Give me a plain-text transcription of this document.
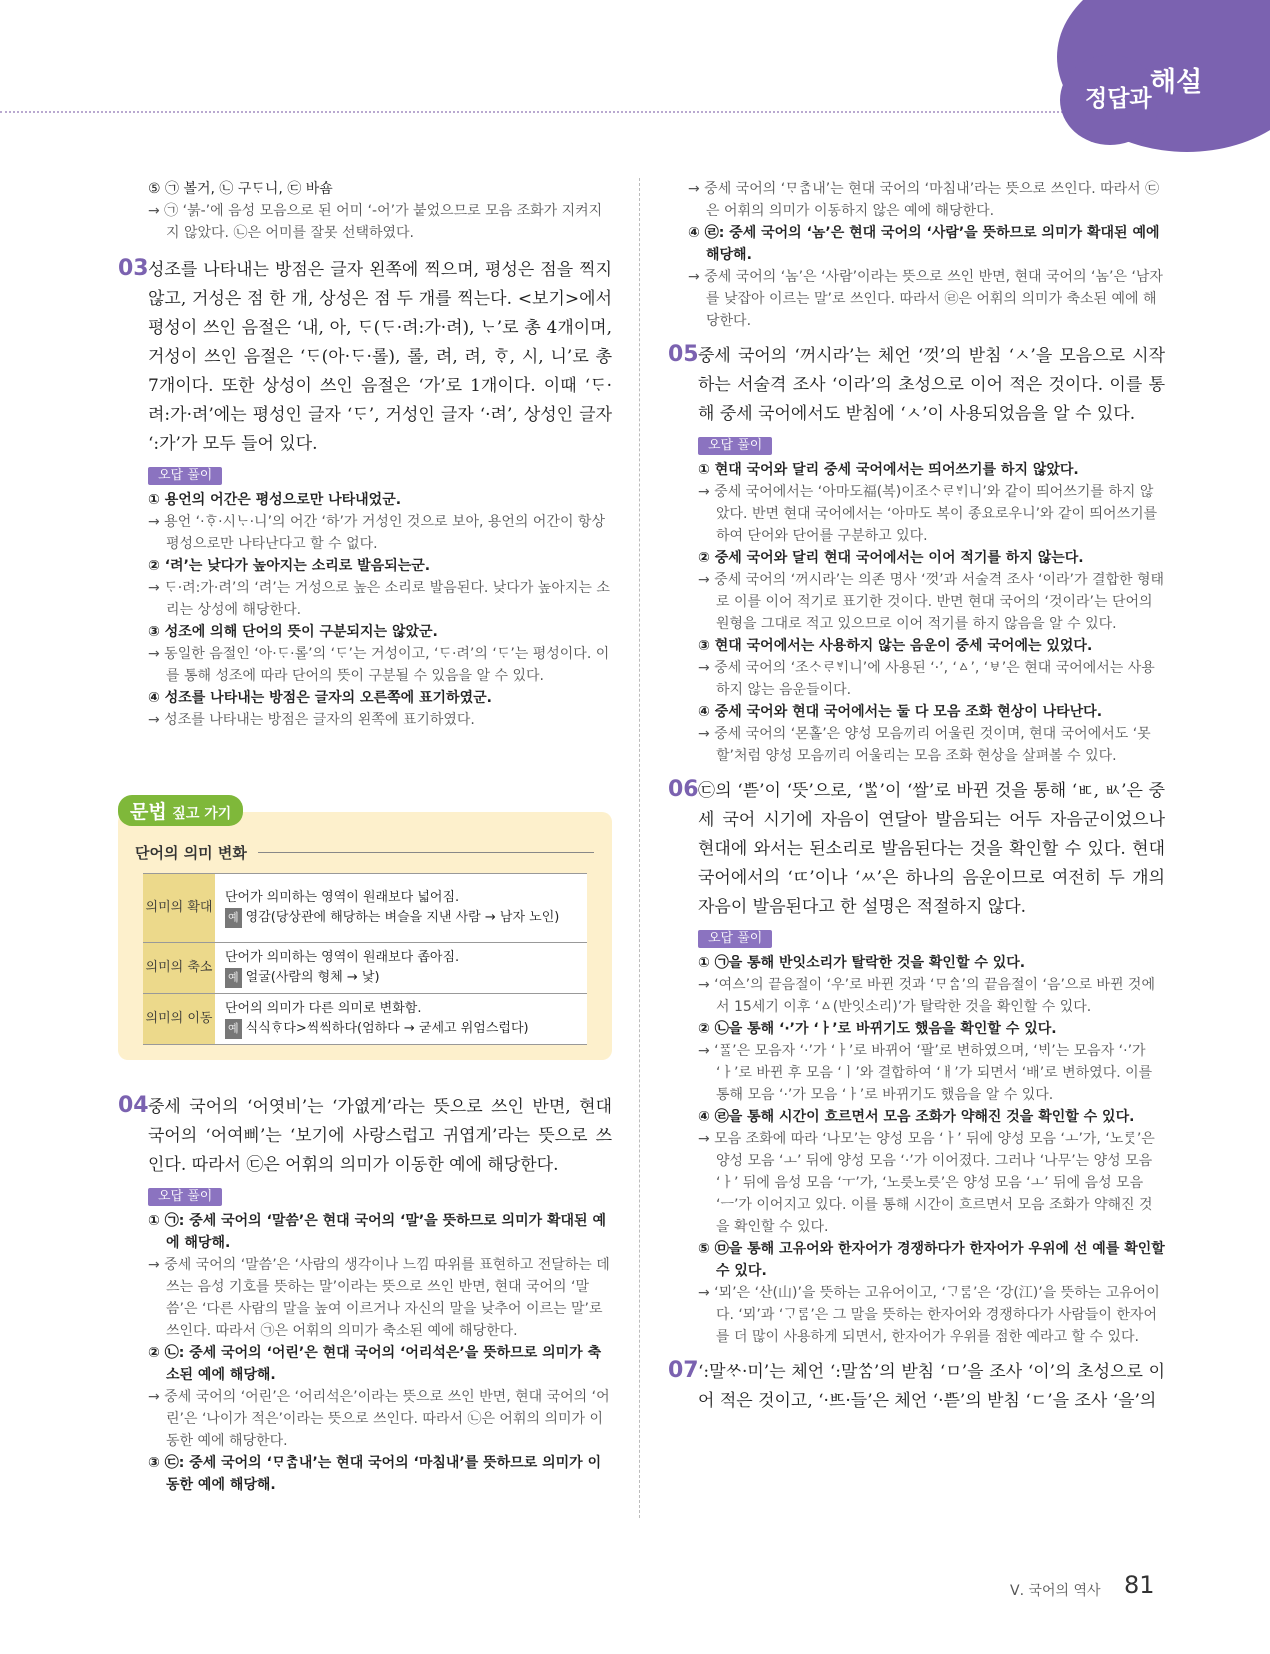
정답과
해설
⑤ ㉠ 볼거, ㉡ 구ᄃᆞ니, ㉢ 바숌
→ ㉠ ‘붉-’에 음성 모음으로 된 어미 ‘-어’가 붙었으므로 모음 조화가 지켜지지 않았다. ㉡은 어미를 잘못 선택하였다.
03 성조를 나타내는 방점은 글자 왼쪽에 찍으며, 평성은 점을 찍지 않고, 거성은 점 한 개, 상성은 점 두 개를 찍는다. <보기>에서 평성이 쓰인 음절은 ‘내, 아, ᄃᆞ(ᄃᆞ·려:가·려), ᄂᆞ’로 총 4개이며, 거성이 쓰인 음절은 ‘ᄃᆞ(아·ᄃᆞ·롤), 롤, 려, 려, ᄒᆞ, 시, 니’로 총 7개이다. 또한 상성이 쓰인 음절은 ‘가’로 1개이다. 이때 ‘ᄃᆞ·려:가·려’에는 평성인 글자 ‘ᄃᆞ’, 거성인 글자 ‘·려’, 상성인 글자 ‘:가’가 모두 들어 있다.
오답 풀이
① 용언의 어간은 평성으로만 나타내었군.
→ 용언 ‘·ᄒᆞ·시ᄂᆞ·니’의 어간 ‘하’가 거성인 것으로 보아, 용언의 어간이 항상 평성으로만 나타난다고 할 수 없다.
② ‘려’는 낮다가 높아지는 소리로 발음되는군.
→ ᄃᆞ·려:가·려’의 ‘려’는 거성으로 높은 소리로 발음된다. 낮다가 높아지는 소리는 상성에 해당한다.
③ 성조에 의해 단어의 뜻이 구분되지는 않았군.
→ 동일한 음절인 ‘아·ᄃᆞ·롤’의 ‘ᄃᆞ’는 거성이고, ‘ᄃᆞ·려’의 ‘ᄃᆞ’는 평성이다. 이를 통해 성조에 따라 단어의 뜻이 구분될 수 있음을 알 수 있다.
④ 성조를 나타내는 방점은 글자의 오른쪽에 표기하였군.
→ 성조를 나타내는 방점은 글자의 왼쪽에 표기하였다.
문법 짚고 가기
단어의 의미 변화
의미의 확대	단어가 의미하는 영역이 원래보다 넓어짐.
예 영감(당상관에 해당하는 벼슬을 지낸 사람 → 남자 노인)

의미의 축소	단어가 의미하는 영역이 원래보다 좁아짐.
예 얼굴(사람의 형체 → 낯)

의미의 이동	단어의 의미가 다른 의미로 변화함.
예 식식ᄒᆞ다>씩씩하다(엄하다 → 굳세고 위엄스럽다)
04 중세 국어의 ‘어엿비’는 ‘가엾게’라는 뜻으로 쓰인 반면, 현대 국어의 ‘어여삐’는 ‘보기에 사랑스럽고 귀엽게’라는 뜻으로 쓰인다. 따라서 ㉢은 어휘의 의미가 이동한 예에 해당한다.
오답 풀이
① ㉠: 중세 국어의 ‘말씀’은 현대 국어의 ‘말’을 뜻하므로 의미가 확대된 예에 해당해.
→ 중세 국어의 ‘말씀’은 ‘사람의 생각이나 느낌 따위를 표현하고 전달하는 데 쓰는 음성 기호를 뜻하는 말’이라는 뜻으로 쓰인 반면, 현대 국어의 ‘말씀’은 ‘다른 사람의 말을 높여 이르거나 자신의 말을 낮추어 이르는 말’로 쓰인다. 따라서 ㉠은 어휘의 의미가 축소된 예에 해당한다.
② ㉡: 중세 국어의 ‘어린’은 현대 국어의 ‘어리석은’을 뜻하므로 의미가 축소된 예에 해당해.
→ 중세 국어의 ‘어린’은 ‘어리석은’이라는 뜻으로 쓰인 반면, 현대 국어의 ‘어린’은 ‘나이가 적은’이라는 뜻으로 쓰인다. 따라서 ㉡은 어휘의 의미가 이동한 예에 해당한다.
③ ㉢: 중세 국어의 ‘ᄆᆞᄎᆞᆷ내’는 현대 국어의 ‘마침내’를 뜻하므로 의미가 이동한 예에 해당해.
→ 중세 국어의 ‘ᄆᆞᄎᆞᆷ내’는 현대 국어의 ‘마침내’라는 뜻으로 쓰인다. 따라서 ㉢은 어휘의 의미가 이동하지 않은 예에 해당한다.
④ ㉣: 중세 국어의 ‘놈’은 현대 국어의 ‘사람’을 뜻하므로 의미가 확대된 예에 해당해.
→ 중세 국어의 ‘놈’은 ‘사람’이라는 뜻으로 쓰인 반면, 현대 국어의 ‘놈’은 ‘남자를 낮잡아 이르는 말’로 쓰인다. 따라서 ㉣은 어휘의 의미가 축소된 예에 해당한다.
05 중세 국어의 ‘꺼시라’는 체언 ‘껏’의 받침 ‘ㅅ’을 모음으로 시작하는 서술격 조사 ‘이라’의 초성으로 이어 적은 것이다. 이를 통해 중세 국어에서도 받침에 ‘ㅅ’이 사용되었음을 알 수 있다.
오답 풀이
① 현대 국어와 달리 중세 국어에서는 띄어쓰기를 하지 않았다.
→ 중세 국어에서는 ‘아마도福(복)이조ᄉᆞᄅᆞᄫᆡ니’와 같이 띄어쓰기를 하지 않았다. 반면 현대 국어에서는 ‘아마도 복이 종요로우니’와 같이 띄어쓰기를 하여 단어와 단어를 구분하고 있다.
② 중세 국어와 달리 현대 국어에서는 이어 적기를 하지 않는다.
→ 중세 국어의 ‘꺼시라’는 의존 명사 ‘껏’과 서술격 조사 ‘이라’가 결합한 형태로 이를 이어 적기로 표기한 것이다. 반면 현대 국어의 ‘것이라’는 단어의 원형을 그대로 적고 있으므로 이어 적기를 하지 않음을 알 수 있다.
③ 현대 국어에서는 사용하지 않는 음운이 중세 국어에는 있었다.
→ 중세 국어의 ‘조ᄉᆞᄅᆞᄫᆡ니’에 사용된 ‘·’, ‘ㅿ’, ‘ㅸ’은 현대 국어에서는 사용하지 않는 음운들이다.
④ 중세 국어와 현대 국어에서는 둘 다 모음 조화 현상이 나타난다.
→ 중세 국어의 ‘몬홀’은 양성 모음끼리 어울린 것이며, 현대 국어에서도 ‘못할’처럼 양성 모음끼리 어울리는 모음 조화 현상을 살펴볼 수 있다.
06 ㉢의 ‘ᄠᅳᆮ’이 ‘뜻’으로, ‘ᄡᆞᆯ’이 ‘쌀’로 바뀐 것을 통해 ‘ㅳ, ㅄ’은 중세 국어 시기에 자음이 연달아 발음되는 어두 자음군이었으나 현대에 와서는 된소리로 발음된다는 것을 확인할 수 있다. 현대 국어에서의 ‘ㄸ’이나 ‘ㅆ’은 하나의 음운이므로 여전히 두 개의 자음이 발음된다고 한 설명은 적절하지 않다.
오답 풀이
① ㉠을 통해 반잇소리가 탈락한 것을 확인할 수 있다.
→ ‘여ᅀᅳ’의 끝음절이 ‘우’로 바뀐 것과 ‘ᄆᆞᅀᆞᆷ’의 끝음절이 ‘음’으로 바뀐 것에서 15세기 이후 ‘ㅿ(반잇소리)’가 탈락한 것을 확인할 수 있다.
② ㉡을 통해 ‘·’가 ‘ㅏ’로 바뀌기도 했음을 확인할 수 있다.
→ ‘ᄑᆞᆯ’은 모음자 ‘·’가 ‘ㅏ’로 바뀌어 ‘팔’로 변하였으며, ‘ᄇᆡ’는 모음자 ‘·’가 ‘ㅏ’로 바뀐 후 모음 ‘ㅣ’와 결합하여 ‘ㅐ’가 되면서 ‘배’로 변하였다. 이를 통해 모음 ‘·’가 모음 ‘ㅏ’로 바뀌기도 했음을 알 수 있다.
④ ㉣을 통해 시간이 흐르면서 모음 조화가 약해진 것을 확인할 수 있다.
→ 모음 조화에 따라 ‘나모’는 양성 모음 ‘ㅏ’ 뒤에 양성 모음 ‘ㅗ’가, ‘노ᄅᆞᆺ’은 양성 모음 ‘ㅗ’ 뒤에 양성 모음 ‘·’가 이어졌다. 그러나 ‘나무’는 양성 모음 ‘ㅏ’ 뒤에 음성 모음 ‘ㅜ’가, ‘노릇노릇’은 양성 모음 ‘ㅗ’ 뒤에 음성 모음 ‘ㅡ’가 이어지고 있다. 이를 통해 시간이 흐르면서 모음 조화가 약해진 것을 확인할 수 있다.
⑤ ㉤을 통해 고유어와 한자어가 경쟁하다가 한자어가 우위에 선 예를 확인할 수 있다.
→ ‘뫼’은 ‘산(山)’을 뜻하는 고유어이고, ‘ᄀᆞᄅᆞᆷ’은 ‘강(江)’을 뜻하는 고유어이다. ‘뫼’과 ‘ᄀᆞᄅᆞᆷ’은 그 말을 뜻하는 한자어와 경쟁하다가 사람들이 한자어를 더 많이 사용하게 되면서, 한자어가 우위를 점한 예라고 할 수 있다.
07 ‘:말ᄊᆞ·미’는 체언 ‘:말ᄊᆞᆷ’의 받침 ‘ㅁ’을 조사 ‘이’의 초성으로 이어 적은 것이고, ‘·ᄠᅳ·들’은 체언 ‘·ᄠᅳᆮ’의 받침 ‘ㄷ’을 조사 ‘을’의
Ⅴ. 국어의 역사 81
